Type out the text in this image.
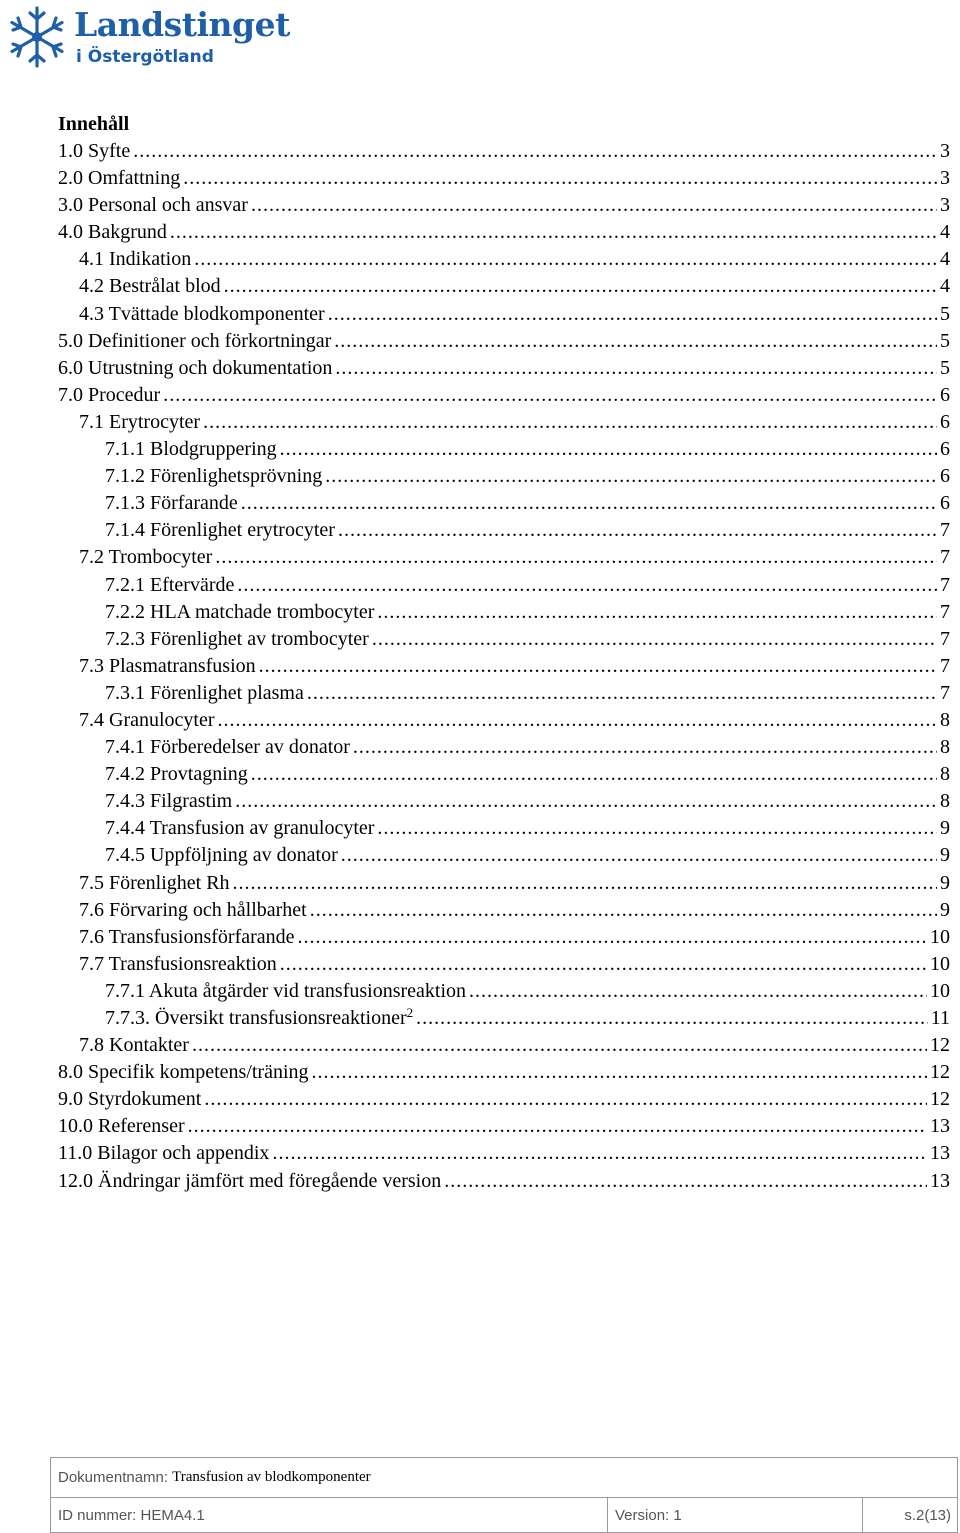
Landstinget
i Östergötland
Innehåll
1.0 Syfte .....	3
2.0 Omfattning .....	3
3.0 Personal och ansvar .....	3
4.0 Bakgrund .....	4
4.1 Indikation .....	4
4.2 Bestrålat blod .....	4
4.3 Tvättade blodkomponenter .....	5
5.0 Definitioner och förkortningar .....	5
6.0 Utrustning och dokumentation .....	5
7.0 Procedur .....	6
7.1 Erytrocyter .....	6
7.1.1 Blodgruppering .....	6
7.1.2 Förenlighetsprövning .....	6
7.1.3 Förfarande .....	6
7.1.4 Förenlighet erytrocyter .....	7
7.2 Trombocyter .....	7
7.2.1 Eftervärde .....	7
7.2.2 HLA matchade trombocyter .....	7
7.2.3 Förenlighet av trombocyter .....	7
7.3 Plasmatransfusion .....	7
7.3.1 Förenlighet plasma .....	7
7.4 Granulocyter .....	8
7.4.1 Förberedelser av donator .....	8
7.4.2 Provtagning .....	8
7.4.3 Filgrastim .....	8
7.4.4 Transfusion av granulocyter .....	9
7.4.5 Uppföljning av donator .....	9
7.5 Förenlighet Rh .....	9
7.6 Förvaring och hållbarhet .....	9
7.6 Transfusionsförfarande .....	10
7.7 Transfusionsreaktion .....	10
7.7.1 Akuta åtgärder vid transfusionsreaktion .....	10
7.7.3. Översikt transfusionsreaktioner$^2$ .....	11
7.8 Kontakter .....	12
8.0 Specifik kompetens/träning .....	12
9.0 Styrdokument .....	12
10.0 Referenser .....	13
11.0 Bilagor och appendix .....	13
12.0 Ändringar jämfört med föregående version .....	13
Dokumentnamn: Transfusion av blodkomponenter
ID nummer: HEMA4.1	Version: 1	s.2(13)
